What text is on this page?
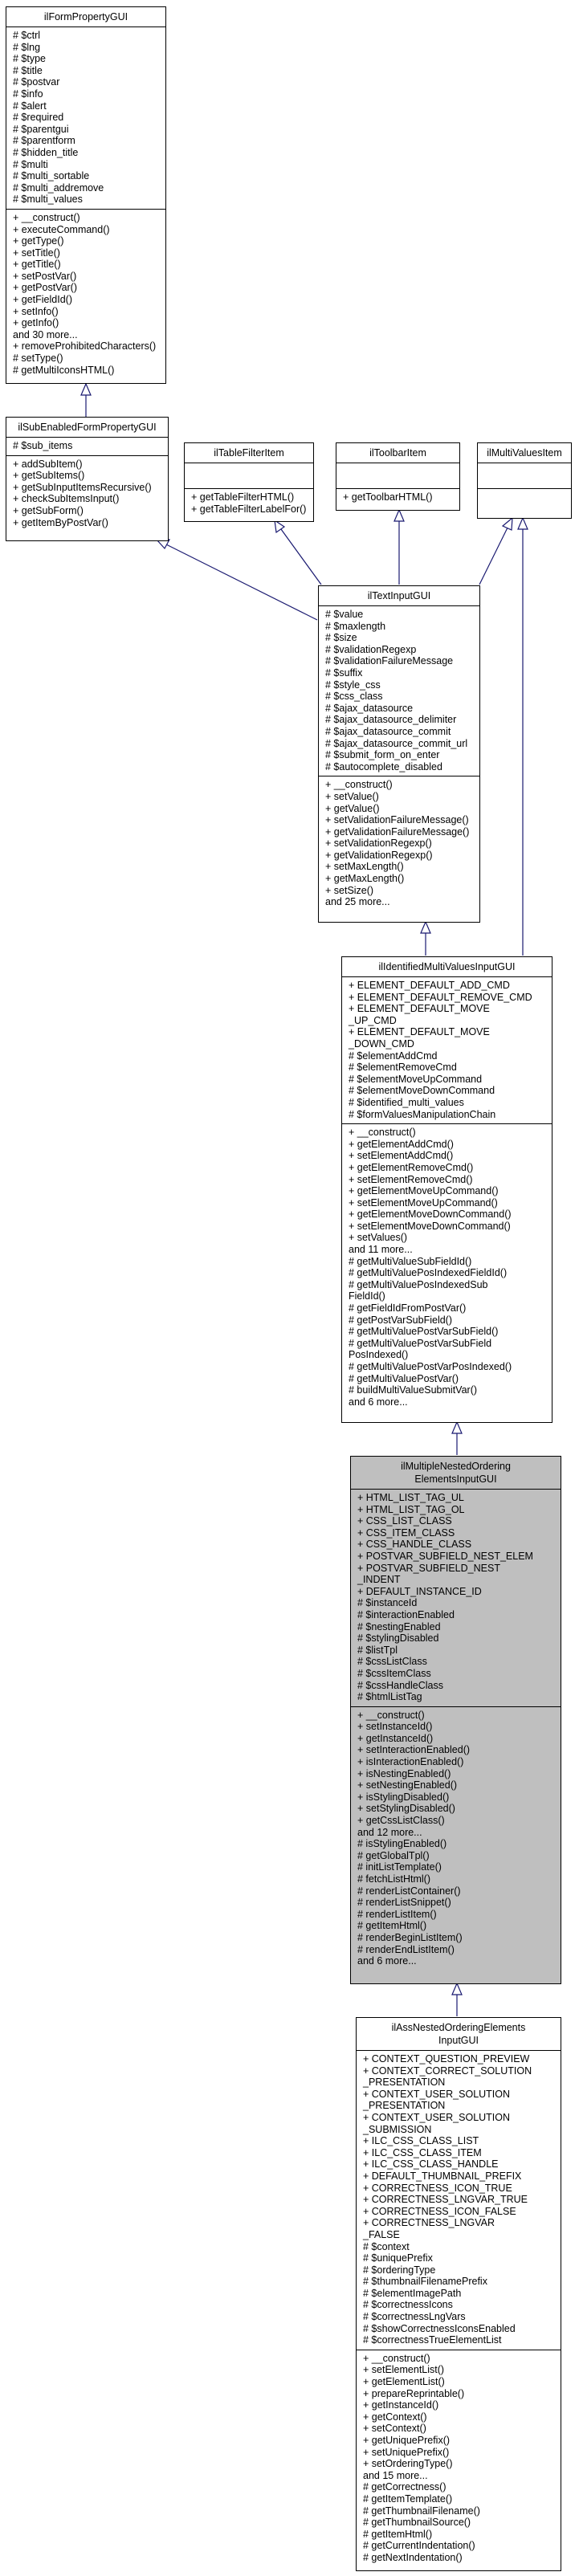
ilFormPropertyGUI
# $ctrl
# $lng
# $type
# $title
# $postvar
# $info
# $alert
# $required
# $parentgui
# $parentform
# $hidden_title
# $multi
# $multi_sortable
# $multi_addremove
# $multi_values
+ __construct()
+ executeCommand()
+ getType()
+ setTitle()
+ getTitle()
+ setPostVar()
+ getPostVar()
+ getFieldId()
+ setInfo()
+ getInfo()
and 30 more...
+ removeProhibitedCharacters()
# setType()
# getMultiIconsHTML()
ilSubEnabledFormPropertyGUI
# $sub_items
+ addSubItem()
+ getSubItems()
+ getSubInputItemsRecursive()
+ checkSubItemsInput()
+ getSubForm()
+ getItemByPostVar()
ilTableFilterItem
+ getTableFilterHTML()
+ getTableFilterLabelFor()
ilToolbarItem
+ getToolbarHTML()
ilMultiValuesItem
ilTextInputGUI
# $value
# $maxlength
# $size
# $validationRegexp
# $validationFailureMessage
# $suffix
# $style_css
# $css_class
# $ajax_datasource
# $ajax_datasource_delimiter
# $ajax_datasource_commit
# $ajax_datasource_commit_url
# $submit_form_on_enter
# $autocomplete_disabled
+ __construct()
+ setValue()
+ getValue()
+ setValidationFailureMessage()
+ getValidationFailureMessage()
+ setValidationRegexp()
+ getValidationRegexp()
+ setMaxLength()
+ getMaxLength()
+ setSize()
and 25 more...
ilIdentifiedMultiValuesInputGUI
+ ELEMENT_DEFAULT_ADD_CMD
+ ELEMENT_DEFAULT_REMOVE_CMD
+ ELEMENT_DEFAULT_MOVE
_UP_CMD
+ ELEMENT_DEFAULT_MOVE
_DOWN_CMD
# $elementAddCmd
# $elementRemoveCmd
# $elementMoveUpCommand
# $elementMoveDownCommand
# $identified_multi_values
# $formValuesManipulationChain
+ __construct()
+ getElementAddCmd()
+ setElementAddCmd()
+ getElementRemoveCmd()
+ setElementRemoveCmd()
+ getElementMoveUpCommand()
+ setElementMoveUpCommand()
+ getElementMoveDownCommand()
+ setElementMoveDownCommand()
+ setValues()
and 11 more...
# getMultiValueSubFieldId()
# getMultiValuePosIndexedFieldId()
# getMultiValuePosIndexedSub
FieldId()
# getFieldIdFromPostVar()
# getPostVarSubField()
# getMultiValuePostVarSubField()
# getMultiValuePostVarSubField
PosIndexed()
# getMultiValuePostVarPosIndexed()
# getMultiValuePostVar()
# buildMultiValueSubmitVar()
and 6 more...
ilMultipleNestedOrdering
ElementsInputGUI
+ HTML_LIST_TAG_UL
+ HTML_LIST_TAG_OL
+ CSS_LIST_CLASS
+ CSS_ITEM_CLASS
+ CSS_HANDLE_CLASS
+ POSTVAR_SUBFIELD_NEST_ELEM
+ POSTVAR_SUBFIELD_NEST
_INDENT
+ DEFAULT_INSTANCE_ID
# $instanceId
# $interactionEnabled
# $nestingEnabled
# $stylingDisabled
# $listTpl
# $cssListClass
# $cssItemClass
# $cssHandleClass
# $htmlListTag
+ __construct()
+ setInstanceId()
+ getInstanceId()
+ setInteractionEnabled()
+ isInteractionEnabled()
+ isNestingEnabled()
+ setNestingEnabled()
+ isStylingDisabled()
+ setStylingDisabled()
+ getCssListClass()
and 12 more...
# isStylingEnabled()
# getGlobalTpl()
# initListTemplate()
# fetchListHtml()
# renderListContainer()
# renderListSnippet()
# renderListItem()
# getItemHtml()
# renderBeginListItem()
# renderEndListItem()
and 6 more...
ilAssNestedOrderingElements
InputGUI
+ CONTEXT_QUESTION_PREVIEW
+ CONTEXT_CORRECT_SOLUTION
_PRESENTATION
+ CONTEXT_USER_SOLUTION
_PRESENTATION
+ CONTEXT_USER_SOLUTION
_SUBMISSION
+ ILC_CSS_CLASS_LIST
+ ILC_CSS_CLASS_ITEM
+ ILC_CSS_CLASS_HANDLE
+ DEFAULT_THUMBNAIL_PREFIX
+ CORRECTNESS_ICON_TRUE
+ CORRECTNESS_LNGVAR_TRUE
+ CORRECTNESS_ICON_FALSE
+ CORRECTNESS_LNGVAR
_FALSE
# $context
# $uniquePrefix
# $orderingType
# $thumbnailFilenamePrefix
# $elementImagePath
# $correctnessIcons
# $correctnessLngVars
# $showCorrectnessIconsEnabled
# $correctnessTrueElementList
+ __construct()
+ setElementList()
+ getElementList()
+ prepareReprintable()
+ getInstanceId()
+ getContext()
+ setContext()
+ getUniquePrefix()
+ setUniquePrefix()
+ setOrderingType()
and 15 more...
# getCorrectness()
# getItemTemplate()
# getThumbnailFilename()
# getThumbnailSource()
# getItemHtml()
# getCurrentIndentation()
# getNextIndentation()
